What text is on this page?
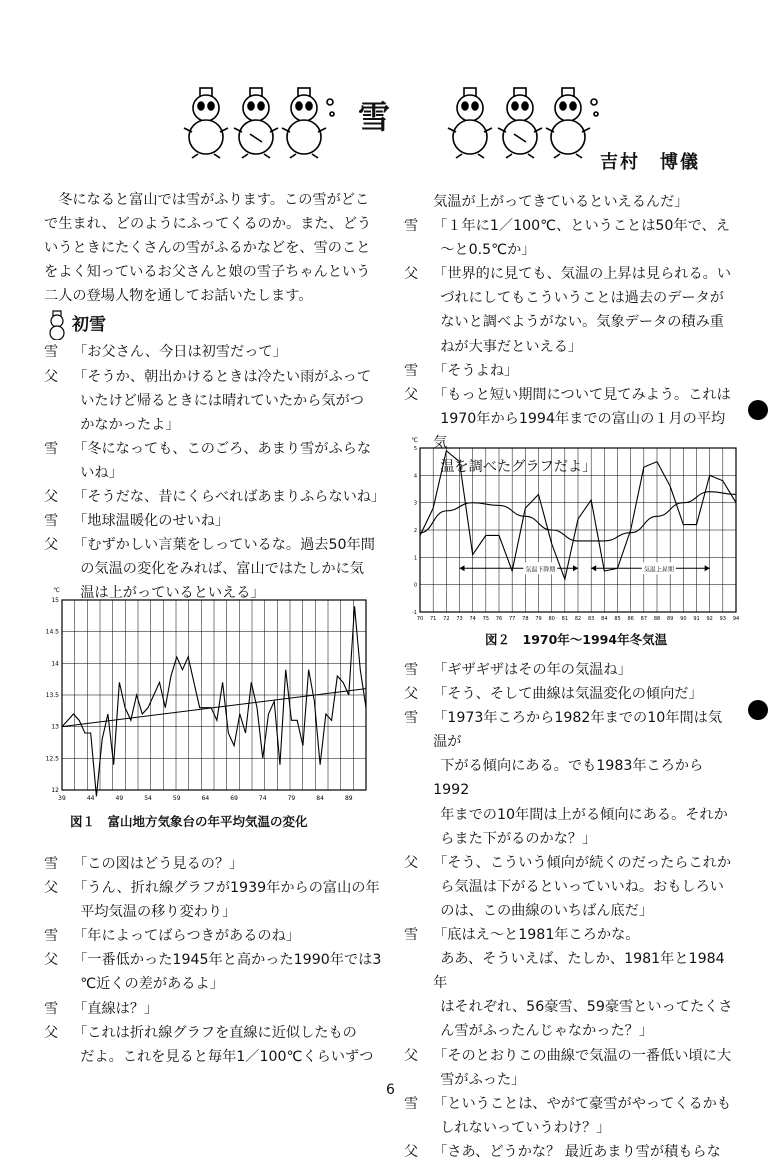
雪
吉村　博儀

冬になると富山では雪がふります。この雪がどこで生まれ、どのようにふってくるのか。また、どういうときにたくさんの雪がふるかなどを、雪のことをよく知っているお父さんと娘の雪子ちゃんという二人の登場人物を通してお話いたします。

初雪
雪 「お父さん、今日は初雪だって」
父 「そうか、朝出かけるときは冷たい雨がふって
いたけど帰るときには晴れていたから気がつ
かなかったよ」
雪 「冬になっても、このごろ、あまり雪がふらな
いね」
父 「そうだな、昔にくらべればあまりふらないね」
雪 「地球温暖化のせいね」
父 「むずかしい言葉をしっているな。過去50年間
の気温の変化をみれば、富山ではたしかに気
温は上がっているといえる」
℃
15
14.5
14
13.5
13
12.5
12
39	44	49	54	59	64	69	74	79	84	89
図１　富山地方気象台の年平均気温の変化
雪 「この図はどう見るの？」
父 「うん、折れ線グラフが1939年からの富山の年
平均気温の移り変わり」
雪 「年によってばらつきがあるのね」
父 「一番低かった1945年と高かった1990年では3
℃近くの差があるよ」
雪 「直線は？」
父 「これは折れ線グラフを直線に近似したもの
だよ。これを見ると毎年1／100℃くらいずつ
気温が上がってきているといえるんだ」
雪 「１年に1／100℃、ということは50年で、え
～と0.5℃か」
父 「世界的に見ても、気温の上昇は見られる。い
づれにしてもこういうことは過去のデータが
ないと調べようがない。気象データの積み重
ねが大事だといえる」
雪 「そうよね」
父 「もっと短い期間について見てみよう。これは
1970年から1994年までの富山の１月の平均気
温を調べたグラフだよ」
℃
5
4
3
2
1
0
-1
70 71 72 73 74 75 76 77 78 79 80 81 82 83 84 85 86 87 88 89 90 91 92 93 94
気温下降期	気温上昇期
図２　1970年～1994年冬気温
雪 「ギザギザはその年の気温ね」
父 「そう、そして曲線は気温変化の傾向だ」
雪 「1973年ころから1982年までの10年間は気温が
下がる傾向にある。でも1983年ころから1992
年までの10年間は上がる傾向にある。それか
らまた下がるのかな？」
父 「そう、こういう傾向が続くのだったらこれか
ら気温は下がるといっていいね。おもしろい
のは、この曲線のいちばん底だ」
雪 「底はえ～と1981年ころかな。
ああ、そういえば、たしか、1981年と1984年
はそれぞれ、56豪雪、59豪雪といってたくさ
ん雪がふったんじゃなかった？」
父 「そのとおりこの曲線で気温の一番低い頃に大
雪がふった」
雪 「ということは、やがて豪雪がやってくるかも
しれないっていうわけ？」
父 「さあ、どうかな？ 最近あまり雪が積もらな
6
